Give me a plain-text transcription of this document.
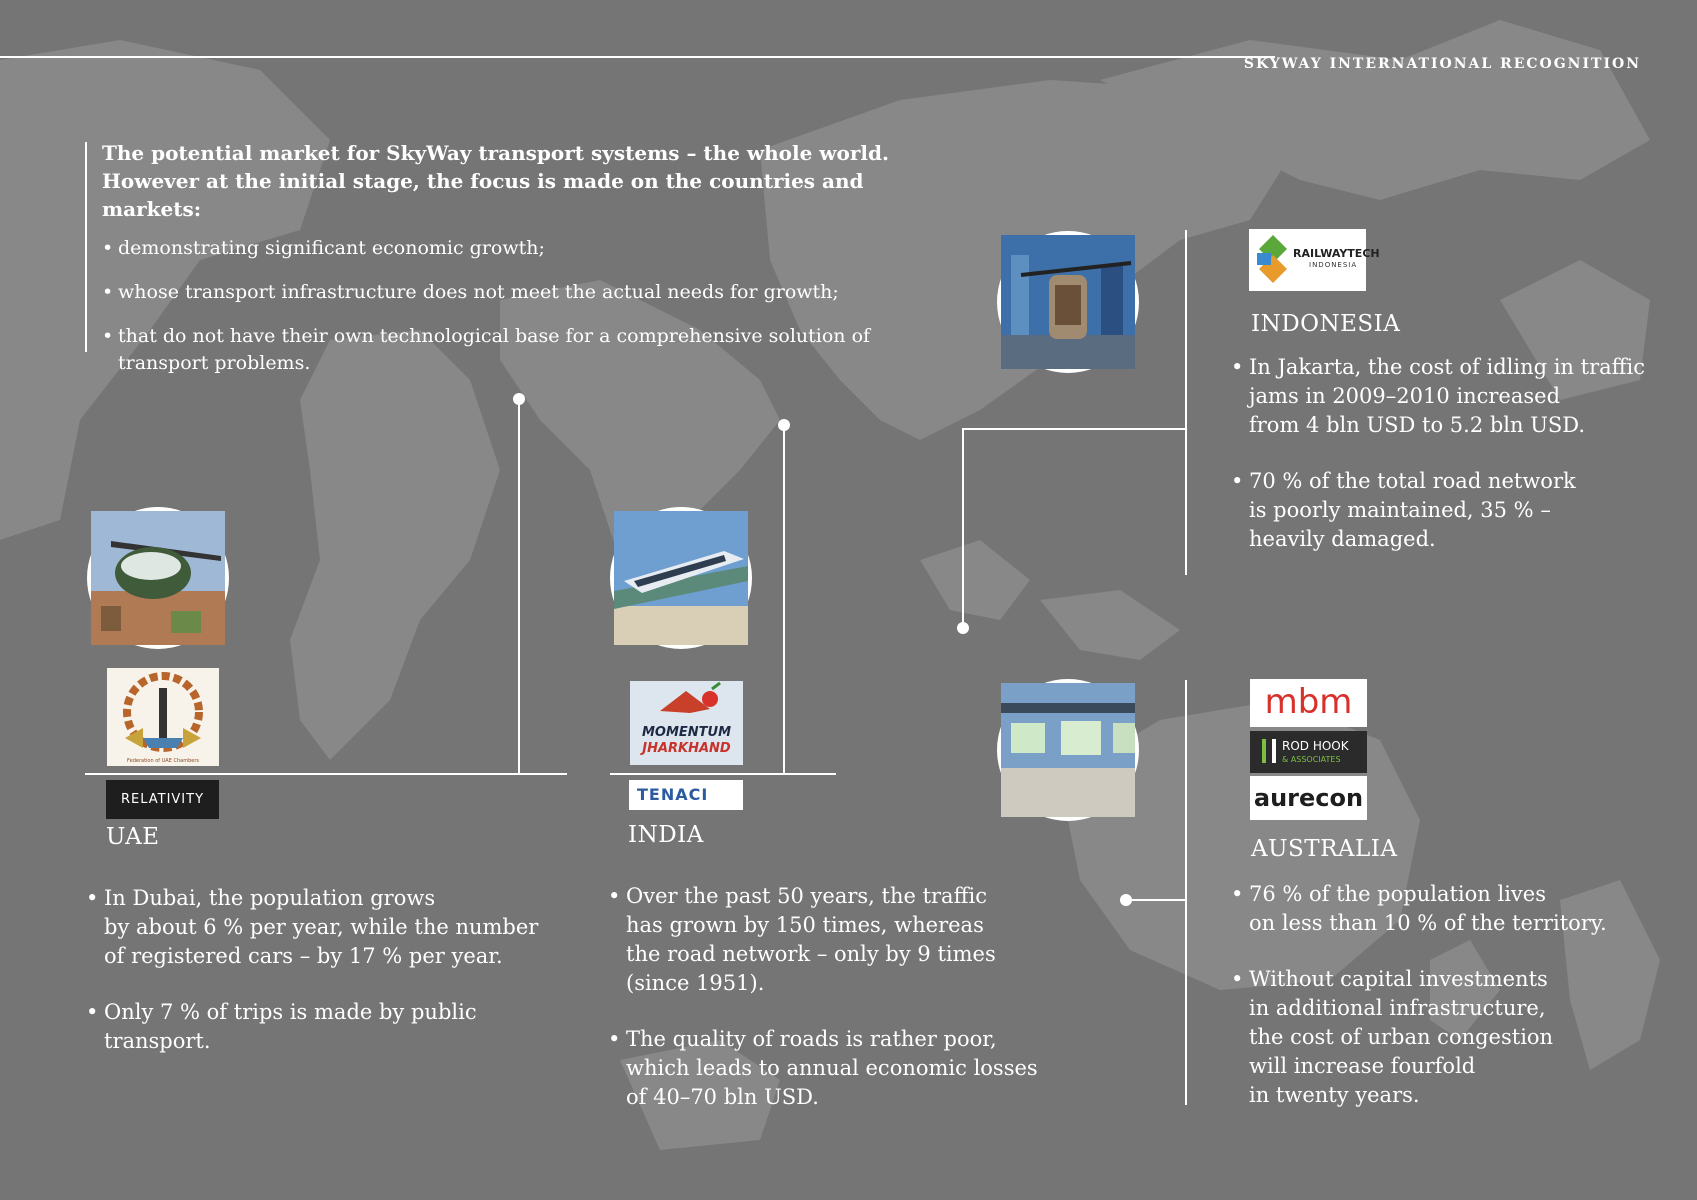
SKYWAY INTERNATIONAL RECOGNITION

The potential market for SkyWay transport systems – the whole world.

However at the initial stage, the focus is made on the countries and markets:

• demonstrating significant economic growth;
• whose transport infrastructure does not meet the actual needs for growth;
• that do not have their own technological base for a comprehensive solution of transport problems.
Federation of UAE Chambers
RELATIVITY
UAE
• In Dubai, the population grows
by about 6 % per year, while the number
of registered cars – by 17 % per year.
• Only 7 % of trips is made by public
transport.
MOMENTUM
JHARKHAND
TENACI
INDIA
• Over the past 50 years, the traffic
has grown by 150 times, whereas
the road network – only by 9 times
(since 1951).
• The quality of roads is rather poor,
which leads to annual economic losses
of 40–70 bln USD.
RAILWAYTECH
INDONESIA
INDONESIA
• In Jakarta, the cost of idling in traffic
jams in 2009–2010 increased
from 4 bln USD to 5.2 bln USD.
• 70 % of the total road network
is poorly maintained, 35 % –
heavily damaged.
mbm
ROD HOOK
& ASSOCIATES
aurecon
AUSTRALIA
• 76 % of the population lives
on less than 10 % of the territory.
• Without capital investments
in additional infrastructure,
the cost of urban congestion
will increase fourfold
in twenty years.
